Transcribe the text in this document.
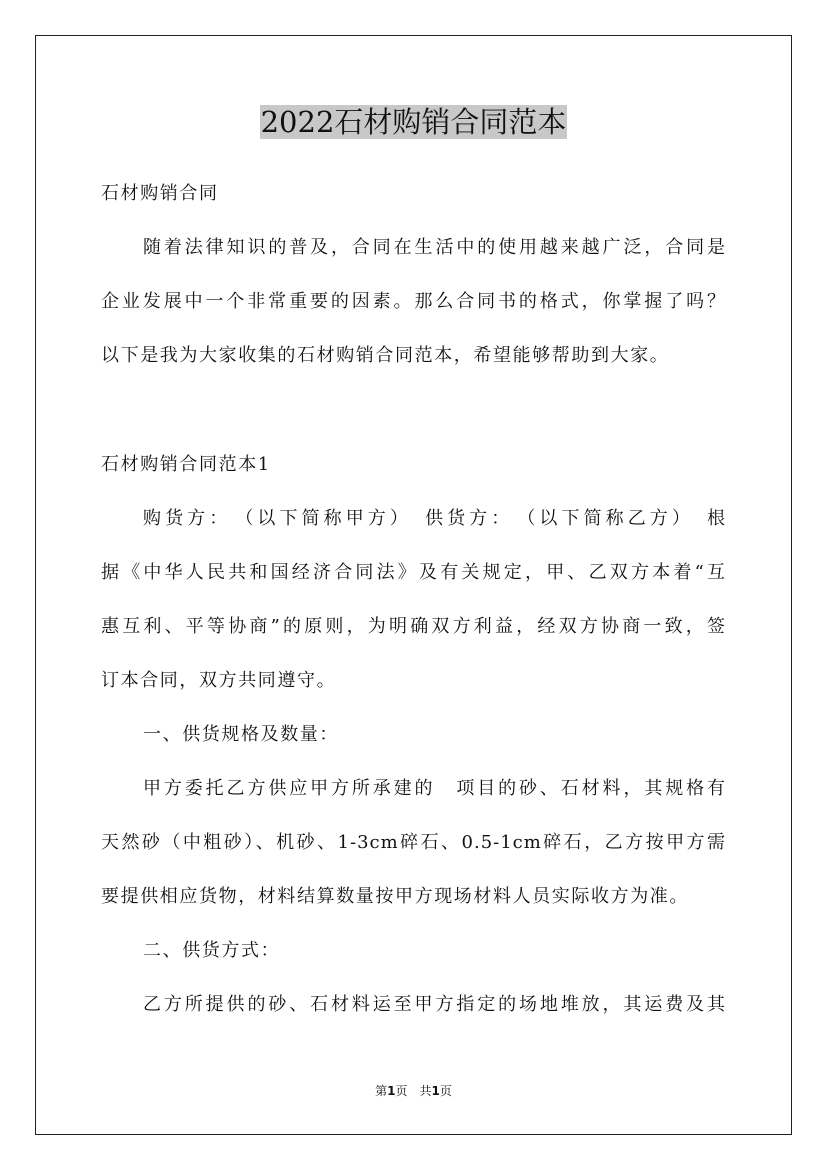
2022石材购销合同范本

石材购销合同

随着法律知识的普及，合同在生活中的使用越来越广泛，合同是

企业发展中一个非常重要的因素。那么合同书的格式，你掌握了吗？

以下是我为大家收集的石材购销合同范本，希望能够帮助到大家。

石材购销合同范本1

购货方：　（以下简称甲方）　供货方：　（以下简称乙方）　根

据《中华人民共和国经济合同法》及有关规定，甲、乙双方本着“互

惠互利、平等协商”的原则，为明确双方利益，经双方协商一致，签

订本合同，双方共同遵守。

一、供货规格及数量：

甲方委托乙方供应甲方所承建的　项目的砂、石材料，其规格有

天然砂（中粗砂）、机砂、1-3cm碎石、0.5-1cm碎石，乙方按甲方需

要提供相应货物，材料结算数量按甲方现场材料人员实际收方为准。

二、供货方式：

乙方所提供的砂、石材料运至甲方指定的场地堆放，其运费及其

第1页　共1页
